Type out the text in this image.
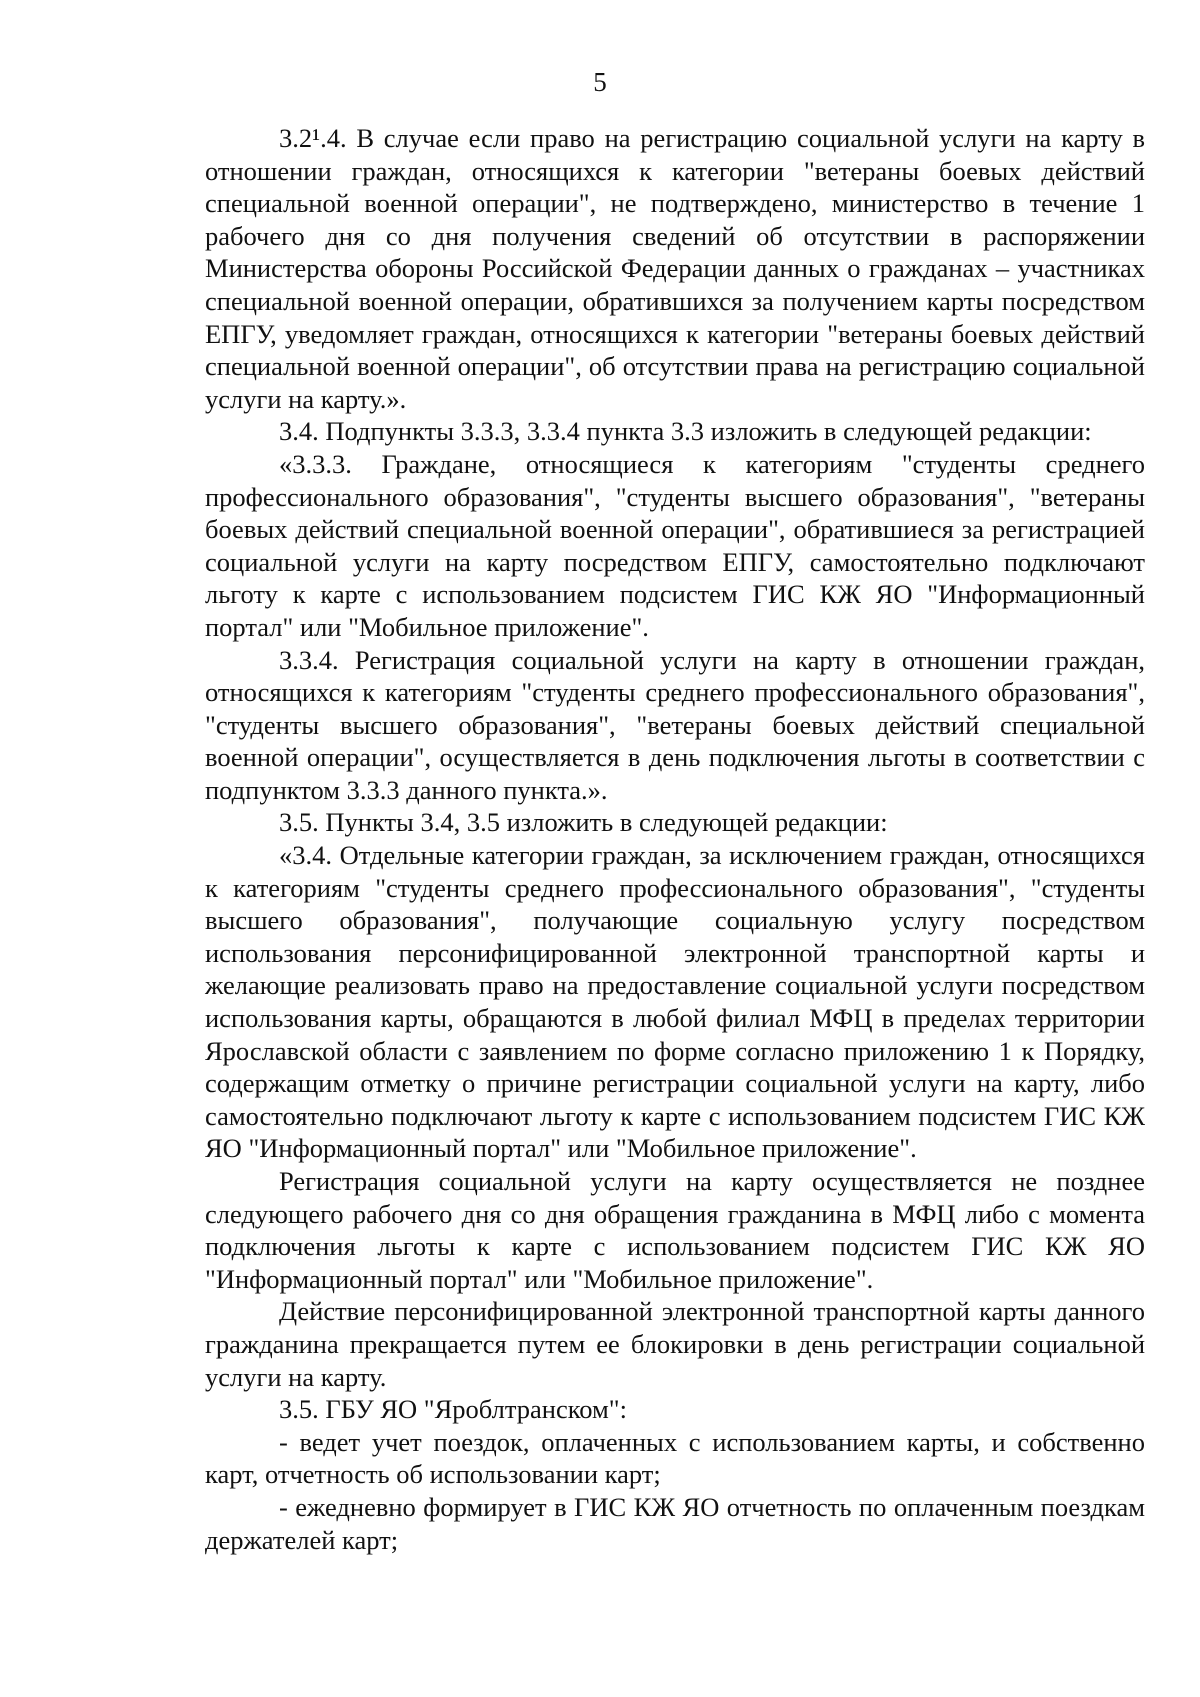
5

3.2¹.4. В случае если право на регистрацию социальной услуги на карту в отношении граждан, относящихся к категории "ветераны боевых действий специальной военной операции", не подтверждено, министерство в течение 1 рабочего дня со дня получения сведений об отсутствии в распоряжении Министерства обороны Российской Федерации данных о гражданах – участниках специальной военной операции, обратившихся за получением карты посредством ЕПГУ, уведомляет граждан, относящихся к категории "ветераны боевых действий специальной военной операции", об отсутствии права на регистрацию социальной услуги на карту.».

3.4. Подпункты 3.3.3, 3.3.4 пункта 3.3 изложить в следующей редакции:

«3.3.3. Граждане, относящиеся к категориям "студенты среднего профессионального образования", "студенты высшего образования", "ветераны боевых действий специальной военной операции", обратившиеся за регистрацией социальной услуги на карту посредством ЕПГУ, самостоятельно подключают льготу к карте с использованием подсистем ГИС КЖ ЯО "Информационный портал" или "Мобильное приложение".

3.3.4. Регистрация социальной услуги на карту в отношении граждан, относящихся к категориям "студенты среднего профессионального образования", "студенты высшего образования", "ветераны боевых действий специальной военной операции", осуществляется в день подключения льготы в соответствии с подпунктом 3.3.3 данного пункта.».

3.5. Пункты 3.4, 3.5 изложить в следующей редакции:

«3.4. Отдельные категории граждан, за исключением граждан, относящихся к категориям "студенты среднего профессионального образования", "студенты высшего образования", получающие социальную услугу посредством использования персонифицированной электронной транспортной карты и желающие реализовать право на предоставление социальной услуги посредством использования карты, обращаются в любой филиал МФЦ в пределах территории Ярославской области с заявлением по форме согласно приложению 1 к Порядку, содержащим отметку о причине регистрации социальной услуги на карту, либо самостоятельно подключают льготу к карте с использованием подсистем ГИС КЖ ЯО "Информационный портал" или "Мобильное приложение".

Регистрация социальной услуги на карту осуществляется не позднее следующего рабочего дня со дня обращения гражданина в МФЦ либо с момента подключения льготы к карте с использованием подсистем ГИС КЖ ЯО "Информационный портал" или "Мобильное приложение".

Действие персонифицированной электронной транспортной карты данного гражданина прекращается путем ее блокировки в день регистрации социальной услуги на карту.

3.5. ГБУ ЯО "Яроблтранском":

- ведет учет поездок, оплаченных с использованием карты, и собственно карт, отчетность об использовании карт;

- ежедневно формирует в ГИС КЖ ЯО отчетность по оплаченным поездкам держателей карт;
